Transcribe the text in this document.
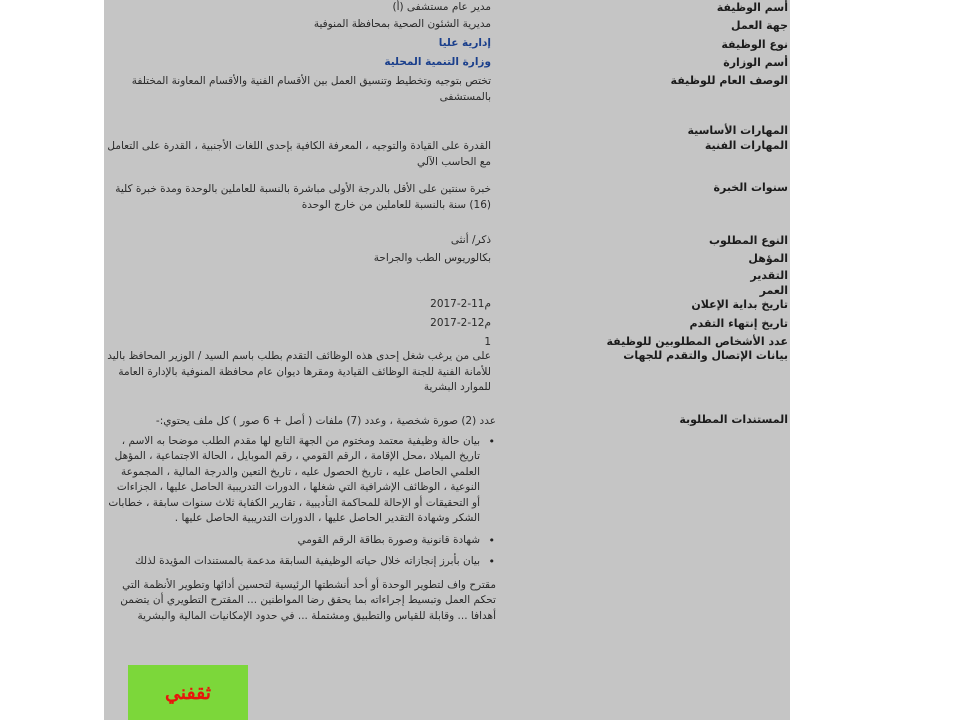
أسم الوظيفة
جهة العمل
نوع الوظيفة
أسم الوزارة
الوصف العام للوظيفة
المهارات الأساسية
المهارات الفنية
سنوات الخبرة
النوع المطلوب
المؤهل
التقدير
العمر
تاريخ بداية الإعلان
تاريخ إنتهاء التقدم
عدد الأشخاص المطلوبين للوظيفة
بيانات الإتصال والتقدم للجهات
المستندات المطلوبة
مدير عام مستشفى (أ)
مديرية الشئون الصحية بمحافظة المنوفية
إدارية عليا
وزارة التنمية المحلية
تختص بتوجيه وتخطيط وتنسيق العمل بين الأقسام الفنية والأقسام المعاونة المختلفة بالمستشفى
القدرة على القيادة والتوجيه ، المعرفة الكافية بإحدى اللغات الأجنبية ، القدرة على التعامل مع الحاسب الآلي
خبرة سنتين على الأقل بالدرجة الأولى مباشرة بالنسبة للعاملين بالوحدة ومدة خبرة كلية (16) سنة بالنسبة للعاملين من خارج الوحدة
ذكر/ أنثى
بكالوريوس الطب والجراحة
2017-2-11م
2017-2-12م
1
على من يرغب شغل إحدى هذه الوظائف التقدم بطلب باسم السيد / الوزير المحافظ باليد للأمانة الفنية للجنة الوظائف القيادية ومقرها ديوان عام محافظة المنوفية بالإدارة العامة للموارد البشرية

عدد (2) صورة شخصية ، وعدد (7) ملفات ( أصل + 6 صور ) كل ملف يحتوي:-

•
بيان حالة وظيفية معتمد ومختوم من الجهة التابع لها مقدم الطلب موضحا به الاسم ، تاريخ الميلاد ،محل الإقامة ، الرقم القومي ، رقم الموبايل ، الحالة الاجتماعية ، المؤهل العلمي الحاصل عليه ، تاريخ الحصول عليه ، تاريخ التعين والدرجة المالية ، المجموعة النوعية ، الوظائف الإشرافية التي شغلها ، الدورات التدريبية الحاصل عليها ، الجزاءات أو التحقيقات أو الإحالة للمحاكمة التأديبية ، تقارير الكفاية ثلاث سنوات سابقة ، خطابات الشكر وشهادة التقدير الحاصل عليها ، الدورات التدريبية الحاصل عليها .
•
شهادة قانونية وصورة بطاقة الرقم القومي
•
بيان بأبرز إنجازاته خلال حياته الوظيفية السابقة مدعمة بالمستندات المؤيدة لذلك

مقترح واف لتطوير الوحدة أو أحد أنشطتها الرئيسية لتحسين أدائها وتطوير الأنظمة التي تحكم العمل وتبسيط إجراءاته بما يحقق رضا المواطنين ... المقترح التطويري أن يتضمن أهدافا ... وقابلة للقياس والتطبيق ومشتملة ... في حدود الإمكانيات المالية والبشرية

ثقفني
